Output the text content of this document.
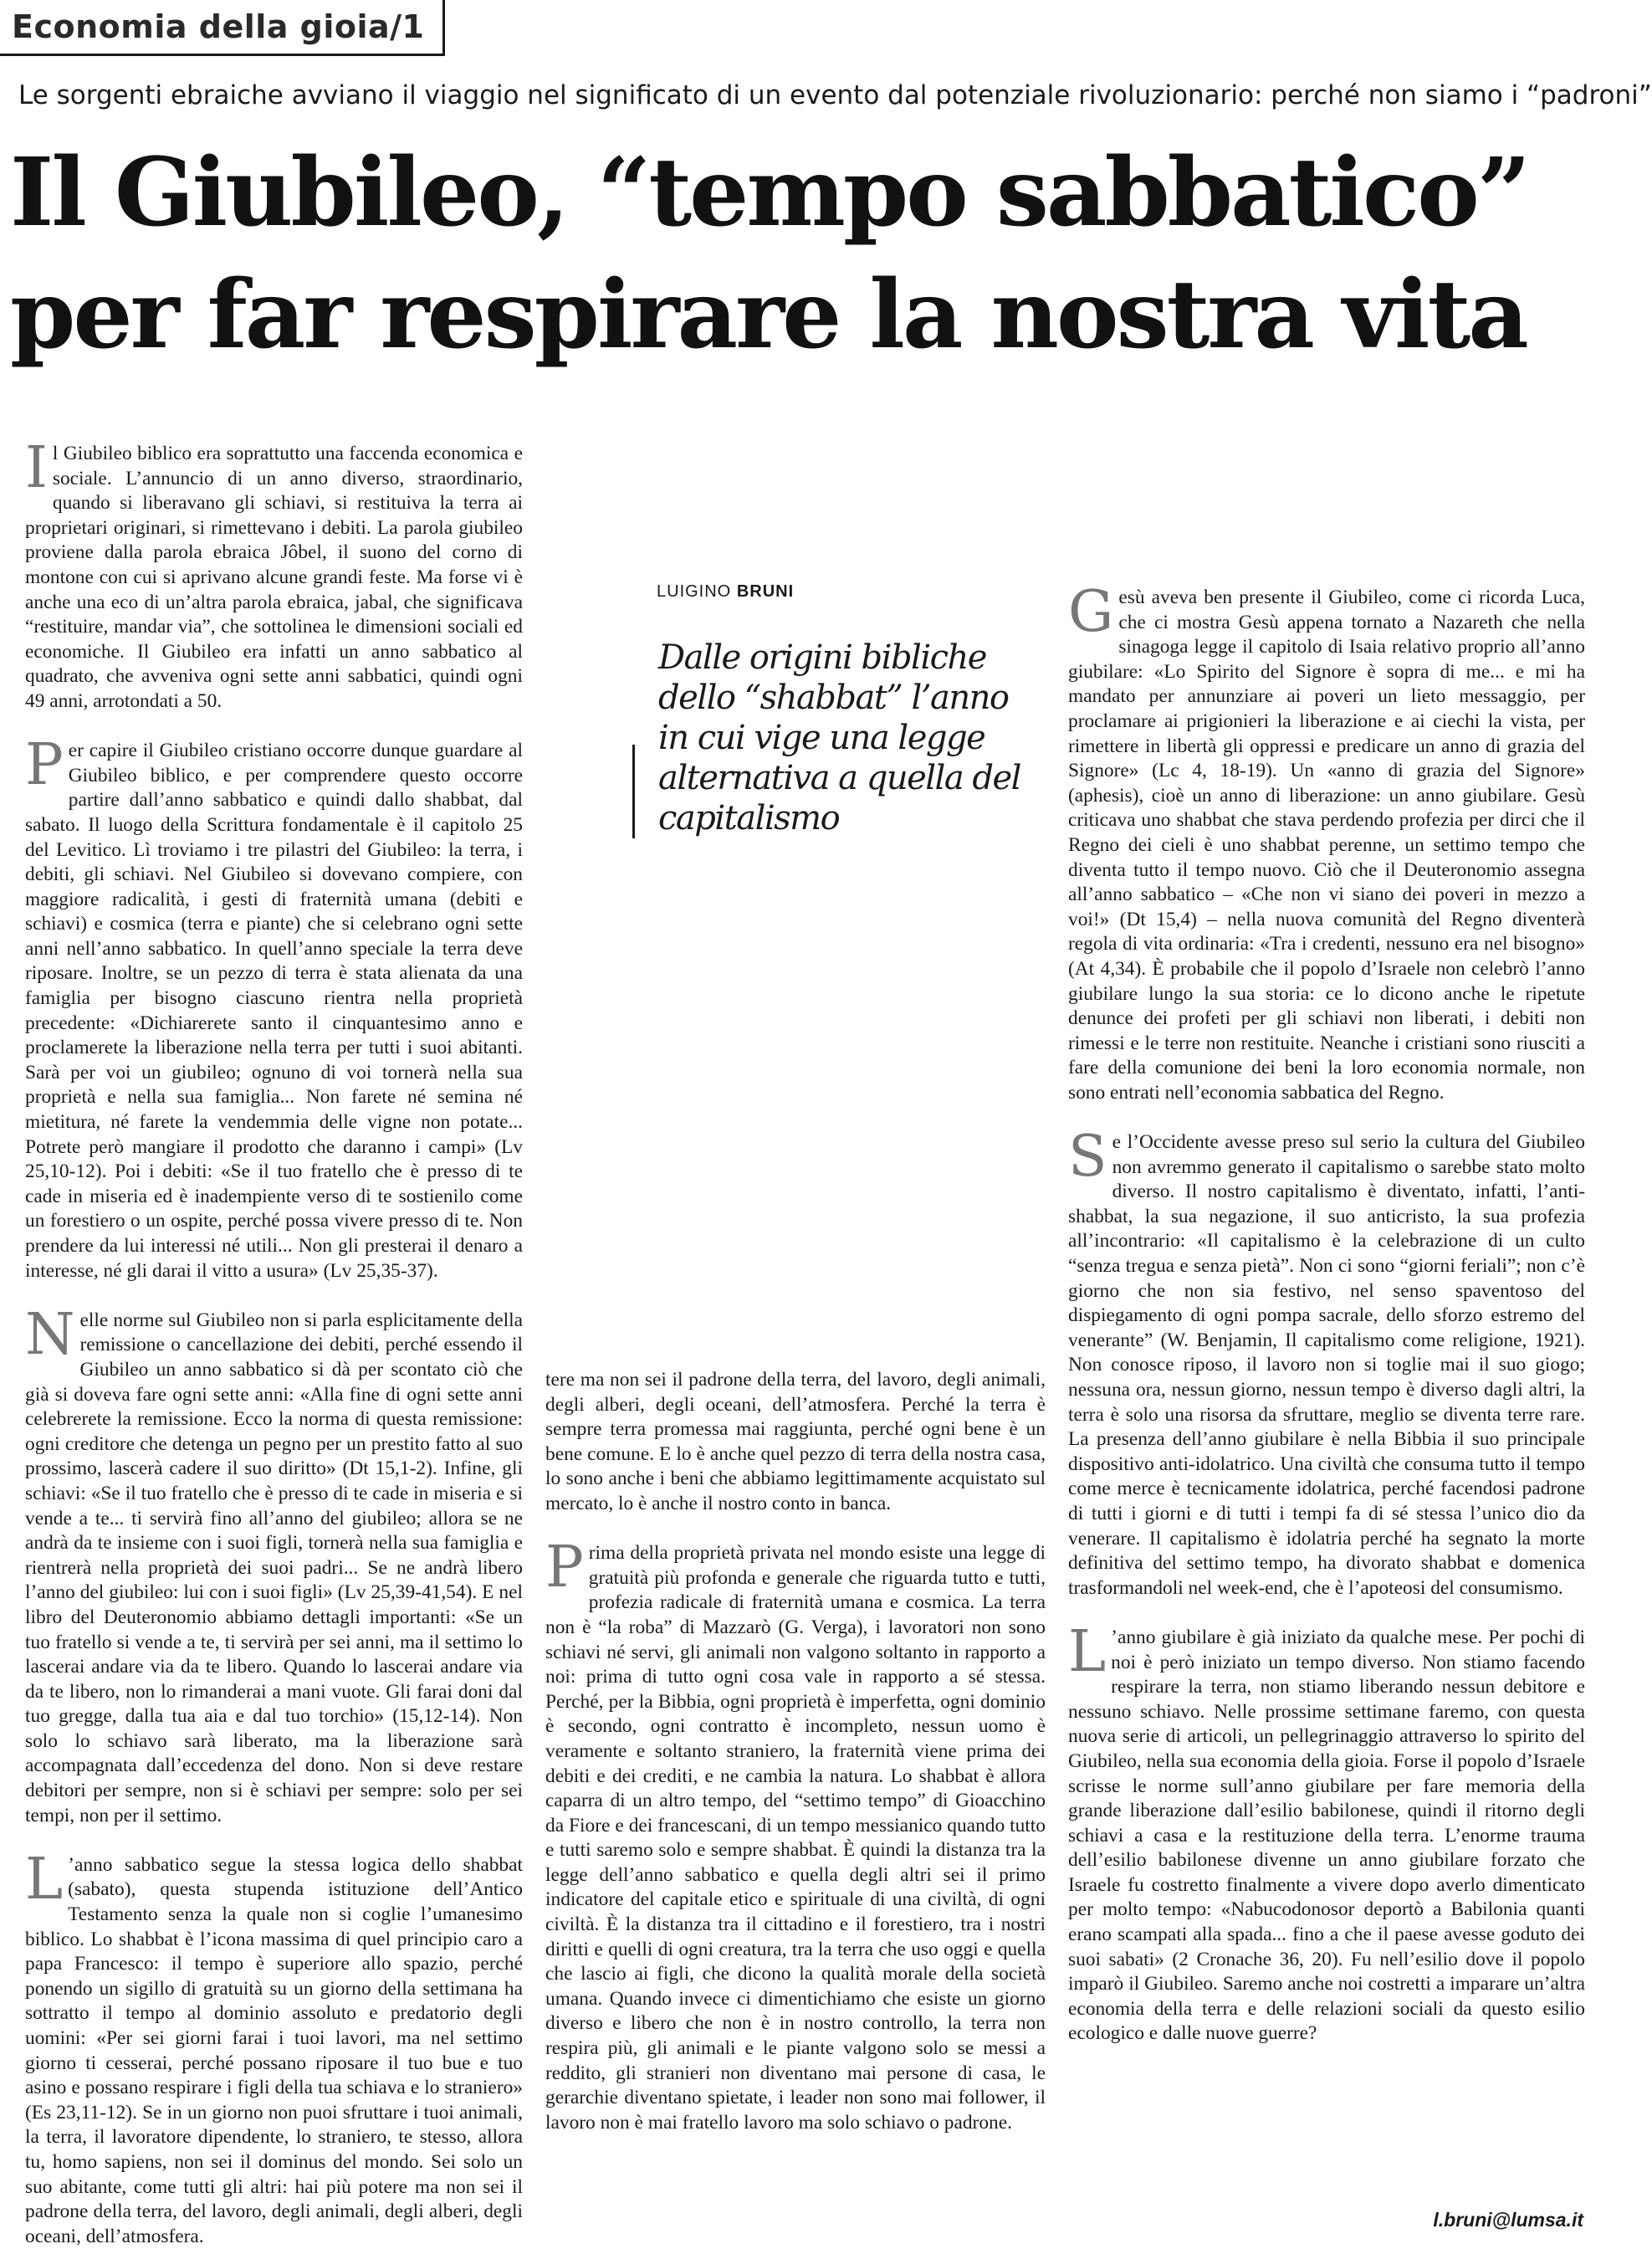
Economia della gioia/1
Le sorgenti ebraiche avviano il viaggio nel significato di un evento dal potenziale rivoluzionario: perché non siamo i “padroni”
Il Giubileo, “tempo sabbatico”
per far respirare la nostra vita

Il Giubileo biblico era soprattutto una faccenda economica e sociale. L’annuncio di un anno diverso, straordinario, quando si liberavano gli schiavi, si restituiva la terra ai proprietari originari, si rimettevano i debiti. La parola giubileo proviene dalla parola ebraica Jôbel, il suono del corno di montone con cui si aprivano alcune grandi feste. Ma forse vi è anche una eco di un’altra parola ebraica, jabal, che significava “restituire, mandar via”, che sottolinea le dimensioni sociali ed economiche. Il Giubileo era infatti un anno sabbatico al quadrato, che avveniva ogni sette anni sabbatici, quindi ogni 49 anni, arrotondati a 50.

Per capire il Giubileo cristiano occorre dunque guardare al Giubileo biblico, e per comprendere questo occorre partire dall’anno sabbatico e quindi dallo shabbat, dal sabato. Il luogo della Scrittura fondamentale è il capitolo 25 del Levitico. Lì troviamo i tre pilastri del Giubileo: la terra, i debiti, gli schiavi. Nel Giubileo si dovevano compiere, con maggiore radicalità, i gesti di fraternità umana (debiti e schiavi) e cosmica (terra e piante) che si celebrano ogni sette anni nell’anno sabbatico. In quell’anno speciale la terra deve riposare. Inoltre, se un pezzo di terra è stata alienata da una famiglia per bisogno ciascuno rientra nella proprietà precedente: «Dichiarerete santo il cinquantesimo anno e proclamerete la liberazione nella terra per tutti i suoi abitanti. Sarà per voi un giubileo; ognuno di voi tornerà nella sua proprietà e nella sua famiglia... Non farete né semina né mietitura, né farete la vendemmia delle vigne non potate... Potrete però mangiare il prodotto che daranno i campi» (Lv 25,10-12). Poi i debiti: «Se il tuo fratello che è presso di te cade in miseria ed è inadempiente verso di te sostienilo come un forestiero o un ospite, perché possa vivere presso di te. Non prendere da lui interessi né utili... Non gli presterai il denaro a interesse, né gli darai il vitto a usura» (Lv 25,35-37).

Nelle norme sul Giubileo non si parla esplicitamente della remissione o cancellazione dei debiti, perché essendo il Giubileo un anno sabbatico si dà per scontato ciò che già si doveva fare ogni sette anni: «Alla fine di ogni sette anni celebrerete la remissione. Ecco la norma di questa remissione: ogni creditore che detenga un pegno per un prestito fatto al suo prossimo, lascerà cadere il suo diritto» (Dt 15,1-2). Infine, gli schiavi: «Se il tuo fratello che è presso di te cade in miseria e si vende a te... ti servirà fino all’anno del giubileo; allora se ne andrà da te insieme con i suoi figli, tornerà nella sua famiglia e rientrerà nella proprietà dei suoi padri... Se ne andrà libero l’anno del giubileo: lui con i suoi figli» (Lv 25,39-41,54). E nel libro del Deuteronomio abbiamo dettagli importanti: «Se un tuo fratello si vende a te, ti servirà per sei anni, ma il settimo lo lascerai andare via da te libero. Quando lo lascerai andare via da te libero, non lo rimanderai a mani vuote. Gli farai doni dal tuo gregge, dalla tua aia e dal tuo torchio» (15,12-14). Non solo lo schiavo sarà liberato, ma la liberazione sarà accompagnata dall’eccedenza del dono. Non si deve restare debitori per sempre, non si è schiavi per sempre: solo per sei tempi, non per il settimo.

L ’anno sabbatico segue la stessa logica dello shabbat (sabato), questa stupenda istituzione dell’Antico Testamento senza la quale non si coglie l’umanesimo biblico. Lo shabbat è l’icona massima di quel principio caro a papa Francesco: il tempo è superiore allo spazio, perché ponendo un sigillo di gratuità su un giorno della settimana ha sottratto il tempo al dominio assoluto e predatorio degli uomini: «Per sei giorni farai i tuoi lavori, ma nel settimo giorno ti cesserai, perché possano riposare il tuo bue e tuo asino e possano respirare i figli della tua schiava e lo straniero» (Es 23,11-12). Se in un giorno non puoi sfruttare i tuoi animali, la terra, il lavoratore dipendente, lo straniero, te stesso, allora tu, homo sapiens, non sei il dominus del mondo. Sei solo un suo abitante, come tutti gli altri: hai più potere ma non sei il padrone della terra, del lavoro, degli animali, degli alberi, degli oceani, dell’atmosfera.

LUIGINO BRUNI
Dalle origini bibliche dello “shabbat” l’anno in cui vige una legge alternativa a quella del capitalismo

tere ma non sei il padrone della terra, del lavoro, degli animali, degli alberi, degli oceani, dell’atmosfera. Perché la terra è sempre terra promessa mai raggiunta, perché ogni bene è un bene comune. E lo è anche quel pezzo di terra della nostra casa, lo sono anche i beni che abbiamo legittimamente acquistato sul mercato, lo è anche il nostro conto in banca.

Prima della proprietà privata nel mondo esiste una legge di gratuità più profonda e generale che riguarda tutto e tutti, profezia radicale di fraternità umana e cosmica. La terra non è “la roba” di Mazzarò (G. Verga), i lavoratori non sono schiavi né servi, gli animali non valgono soltanto in rapporto a noi: prima di tutto ogni cosa vale in rapporto a sé stessa. Perché, per la Bibbia, ogni proprietà è imperfetta, ogni dominio è secondo, ogni contratto è incompleto, nessun uomo è veramente e soltanto straniero, la fraternità viene prima dei debiti e dei crediti, e ne cambia la natura. Lo shabbat è allora caparra di un altro tempo, del “settimo tempo” di Gioacchino da Fiore e dei francescani, di un tempo messianico quando tutto e tutti saremo solo e sempre shabbat. È quindi la distanza tra la legge dell’anno sabbatico e quella degli altri sei il primo indicatore del capitale etico e spirituale di una civiltà, di ogni civiltà. È la distanza tra il cittadino e il forestiero, tra i nostri diritti e quelli di ogni creatura, tra la terra che uso oggi e quella che lascio ai figli, che dicono la qualità morale della società umana. Quando invece ci dimentichiamo che esiste un giorno diverso e libero che non è in nostro controllo, la terra non respira più, gli animali e le piante valgono solo se messi a reddito, gli stranieri non diventano mai persone di casa, le gerarchie diventano spietate, i leader non sono mai follower, il lavoro non è mai fratello lavoro ma solo schiavo o padrone.

Gesù aveva ben presente il Giubileo, come ci ricorda Luca, che ci mostra Gesù appena tornato a Nazareth che nella sinagoga legge il capitolo di Isaia relativo proprio all’anno giubilare: «Lo Spirito del Signore è sopra di me... e mi ha mandato per annunziare ai poveri un lieto messaggio, per proclamare ai prigionieri la liberazione e ai ciechi la vista, per rimettere in libertà gli oppressi e predicare un anno di grazia del Signore» (Lc 4, 18-19). Un «anno di grazia del Signore» (aphesis), cioè un anno di liberazione: un anno giubilare. Gesù criticava uno shabbat che stava perdendo profezia per dirci che il Regno dei cieli è uno shabbat perenne, un settimo tempo che diventa tutto il tempo nuovo. Ciò che il Deuteronomio assegna all’anno sabbatico – «Che non vi siano dei poveri in mezzo a voi!» (Dt 15,4) – nella nuova comunità del Regno diventerà regola di vita ordinaria: «Tra i credenti, nessuno era nel bisogno» (At 4,34). È probabile che il popolo d’Israele non celebrò l’anno giubilare lungo la sua storia: ce lo dicono anche le ripetute denunce dei profeti per gli schiavi non liberati, i debiti non rimessi e le terre non restituite. Neanche i cristiani sono riusciti a fare della comunione dei beni la loro economia normale, non sono entrati nell’economia sabbatica del Regno.

Se l’Occidente avesse preso sul serio la cultura del Giubileo non avremmo generato il capitalismo o sarebbe stato molto diverso. Il nostro capitalismo è diventato, infatti, l’anti-shabbat, la sua negazione, il suo anticristo, la sua profezia all’incontrario: «Il capitalismo è la celebrazione di un culto “senza tregua e senza pietà”. Non ci sono “giorni feriali”; non c’è giorno che non sia festivo, nel senso spaventoso del dispiegamento di ogni pompa sacrale, dello sforzo estremo del venerante” (W. Benjamin, Il capitalismo come religione, 1921). Non conosce riposo, il lavoro non si toglie mai il suo giogo; nessuna ora, nessun giorno, nessun tempo è diverso dagli altri, la terra è solo una risorsa da sfruttare, meglio se diventa terre rare. La presenza dell’anno giubilare è nella Bibbia il suo principale dispositivo anti-idolatrico. Una civiltà che consuma tutto il tempo come merce è tecnicamente idolatrica, perché facendosi padrone di tutti i giorni e di tutti i tempi fa di sé stessa l’unico dio da venerare. Il capitalismo è idolatria perché ha segnato la morte definitiva del settimo tempo, ha divorato shabbat e domenica trasformandoli nel week-end, che è l’apoteosi del consumismo.

L ’anno giubilare è già iniziato da qualche mese. Per pochi di noi è però iniziato un tempo diverso. Non stiamo facendo respirare la terra, non stiamo liberando nessun debitore e nessuno schiavo. Nelle prossime settimane faremo, con questa nuova serie di articoli, un pellegrinaggio attraverso lo spirito del Giubileo, nella sua economia della gioia. Forse il popolo d’Israele scrisse le norme sull’anno giubilare per fare memoria della grande liberazione dall’esilio babilonese, quindi il ritorno degli schiavi a casa e la restituzione della terra. L’enorme trauma dell’esilio babilonese divenne un anno giubilare forzato che Israele fu costretto finalmente a vivere dopo averlo dimenticato per molto tempo: «Nabucodonosor deportò a Babilonia quanti erano scampati alla spada... fino a che il paese avesse goduto dei suoi sabati» (2 Cronache 36, 20). Fu nell’esilio dove il popolo imparò il Giubileo. Saremo anche noi costretti a imparare un’altra economia della terra e delle relazioni sociali da questo esilio ecologico e dalle nuove guerre?

l.bruni@lumsa.it
